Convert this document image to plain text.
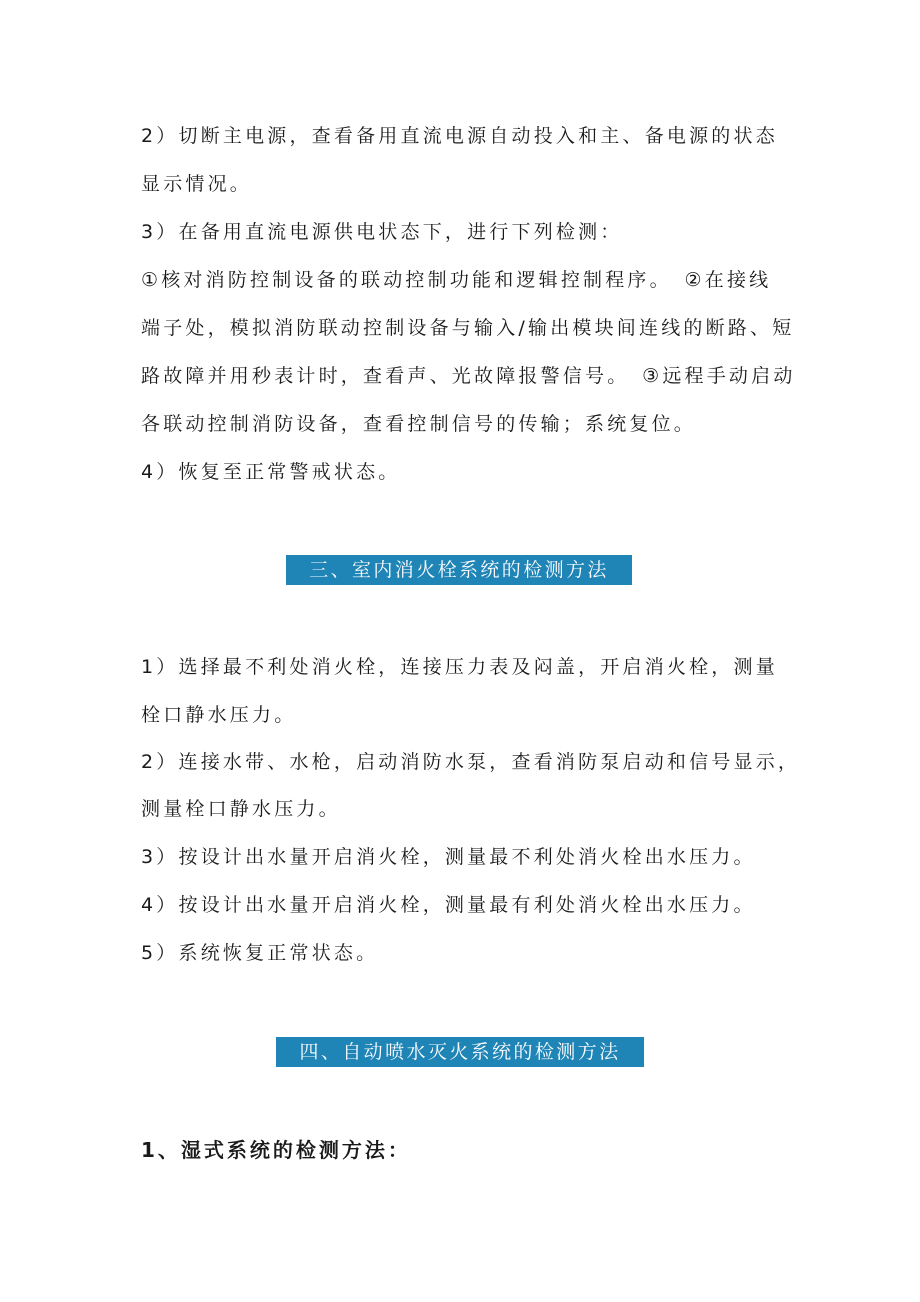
2）切断主电源，查看备用直流电源自动投入和主、备电源的状态
显示情况。
3）在备用直流电源供电状态下，进行下列检测：
①核对消防控制设备的联动控制功能和逻辑控制程序。　②在接线
端子处，模拟消防联动控制设备与输入/输出模块间连线的断路、短
路故障并用秒表计时，查看声、光故障报警信号。　③远程手动启动
各联动控制消防设备，查看控制信号的传输；系统复位。
4）恢复至正常警戒状态。
三、室内消火栓系统的检测方法
1）选择最不利处消火栓，连接压力表及闷盖，开启消火栓，测量
栓口静水压力。
2）连接水带、水枪，启动消防水泵，查看消防泵启动和信号显示，
测量栓口静水压力。
3）按设计出水量开启消火栓，测量最不利处消火栓出水压力。
4）按设计出水量开启消火栓，测量最有利处消火栓出水压力。
5）系统恢复正常状态。
四、自动喷水灭火系统的检测方法
1、湿式系统的检测方法：
